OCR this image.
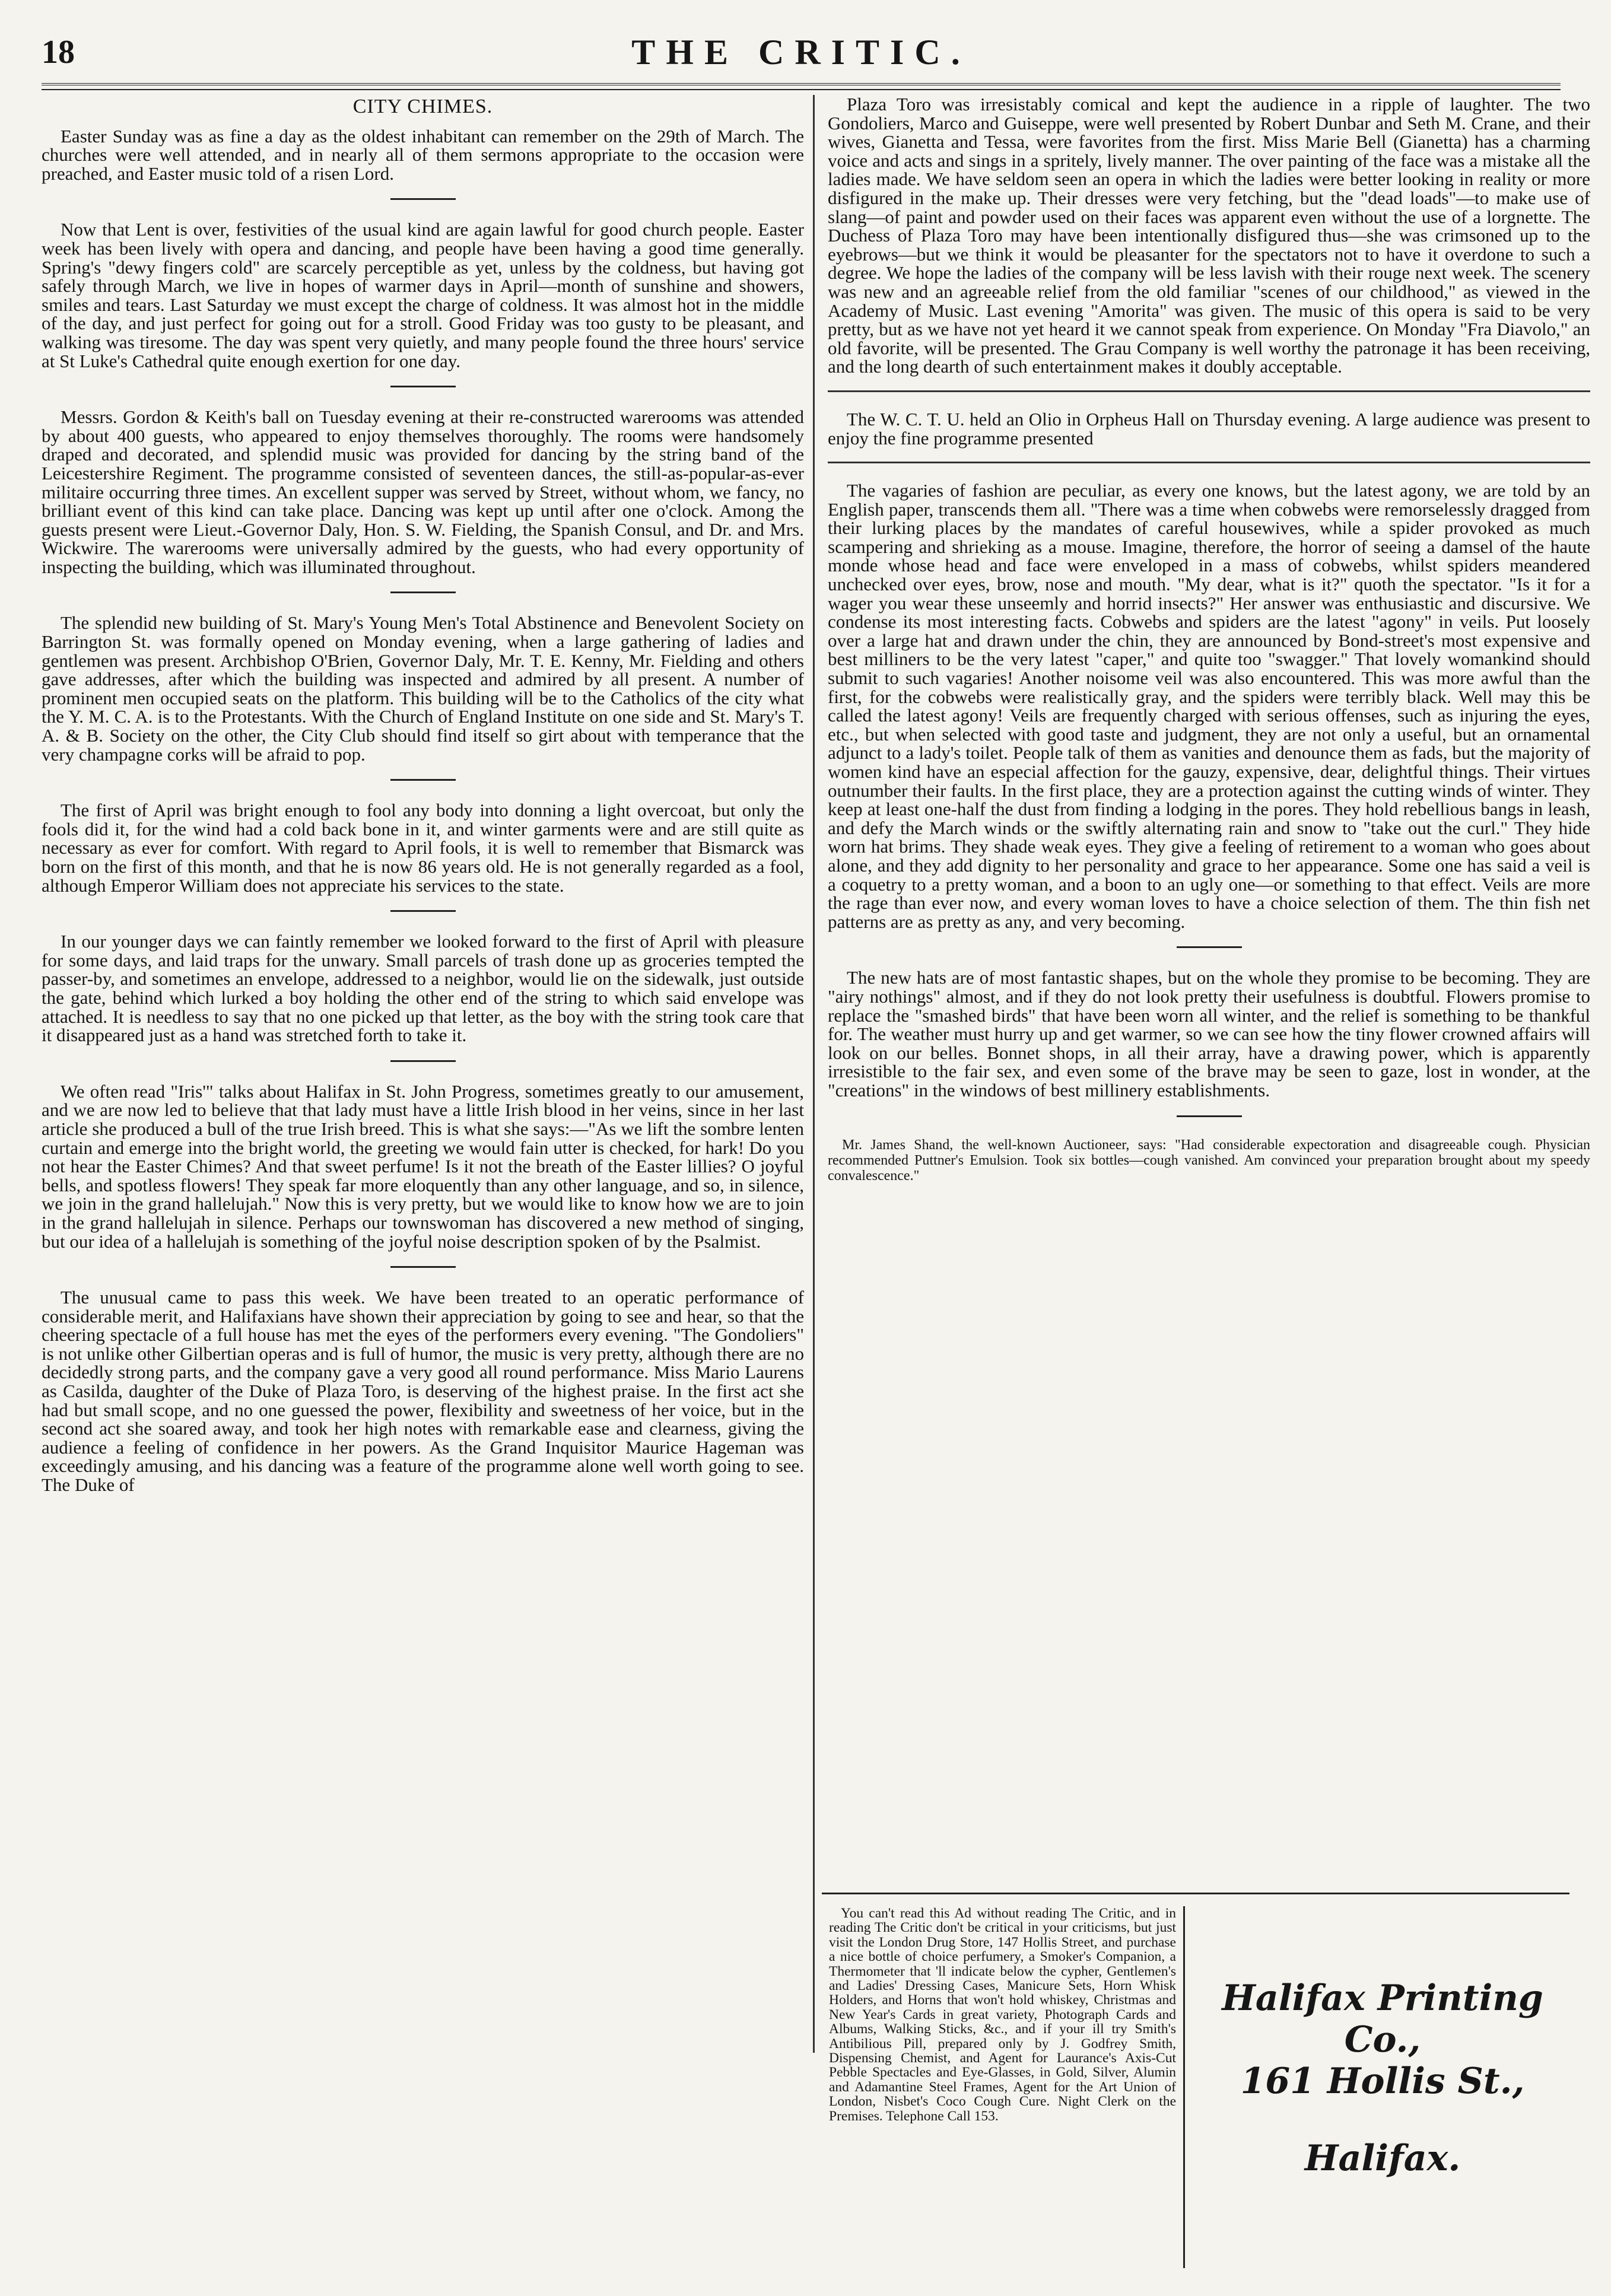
18	THE CRITIC.
CITY CHIMES.

Easter Sunday was as fine a day as the oldest inhabitant can remember on the 29th of March. The churches were well attended, and in nearly all of them sermons appropriate to the occasion were preached, and Easter music told of a risen Lord.

Now that Lent is over, festivities of the usual kind are again lawful for good church people. Easter week has been lively with opera and dancing, and people have been having a good time generally. Spring's "dewy fingers cold" are scarcely perceptible as yet, unless by the coldness, but having got safely through March, we live in hopes of warmer days in April—month of sunshine and showers, smiles and tears. Last Saturday we must except the charge of coldness. It was almost hot in the middle of the day, and just perfect for going out for a stroll. Good Friday was too gusty to be pleasant, and walking was tiresome. The day was spent very quietly, and many people found the three hours' service at St Luke's Cathedral quite enough exertion for one day.

Messrs. Gordon & Keith's ball on Tuesday evening at their re-constructed warerooms was attended by about 400 guests, who appeared to enjoy themselves thoroughly. The rooms were handsomely draped and decorated, and splendid music was provided for dancing by the string band of the Leicestershire Regiment. The programme consisted of seventeen dances, the still-as-popular-as-ever militaire occurring three times. An excellent supper was served by Street, without whom, we fancy, no brilliant event of this kind can take place. Dancing was kept up until after one o'clock. Among the guests present were Lieut.-Governor Daly, Hon. S. W. Fielding, the Spanish Consul, and Dr. and Mrs. Wickwire. The warerooms were universally admired by the guests, who had every opportunity of inspecting the building, which was illuminated throughout.

The splendid new building of St. Mary's Young Men's Total Abstinence and Benevolent Society on Barrington St. was formally opened on Monday evening, when a large gathering of ladies and gentlemen was present. Archbishop O'Brien, Governor Daly, Mr. T. E. Kenny, Mr. Fielding and others gave addresses, after which the building was inspected and admired by all present. A number of prominent men occupied seats on the platform. This building will be to the Catholics of the city what the Y. M. C. A. is to the Protestants. With the Church of England Institute on one side and St. Mary's T. A. & B. Society on the other, the City Club should find itself so girt about with temperance that the very champagne corks will be afraid to pop.

The first of April was bright enough to fool any body into donning a light overcoat, but only the fools did it, for the wind had a cold back bone in it, and winter garments were and are still quite as necessary as ever for comfort. With regard to April fools, it is well to remember that Bismarck was born on the first of this month, and that he is now 86 years old. He is not generally regarded as a fool, although Emperor William does not appreciate his services to the state.

In our younger days we can faintly remember we looked forward to the first of April with pleasure for some days, and laid traps for the unwary. Small parcels of trash done up as groceries tempted the passer-by, and sometimes an envelope, addressed to a neighbor, would lie on the sidewalk, just outside the gate, behind which lurked a boy holding the other end of the string to which said envelope was attached. It is needless to say that no one picked up that letter, as the boy with the string took care that it disappeared just as a hand was stretched forth to take it.

We often read "Iris'" talks about Halifax in St. John Progress, sometimes greatly to our amusement, and we are now led to believe that that lady must have a little Irish blood in her veins, since in her last article she produced a bull of the true Irish breed. This is what she says:—"As we lift the sombre lenten curtain and emerge into the bright world, the greeting we would fain utter is checked, for hark! Do you not hear the Easter Chimes? And that sweet perfume! Is it not the breath of the Easter lillies? O joyful bells, and spotless flowers! They speak far more eloquently than any other language, and so, in silence, we join in the grand hallelujah." Now this is very pretty, but we would like to know how we are to join in the grand hallelujah in silence. Perhaps our townswoman has discovered a new method of singing, but our idea of a hallelujah is something of the joyful noise description spoken of by the Psalmist.

The unusual came to pass this week. We have been treated to an operatic performance of considerable merit, and Halifaxians have shown their appreciation by going to see and hear, so that the cheering spectacle of a full house has met the eyes of the performers every evening. "The Gondoliers" is not unlike other Gilbertian operas and is full of humor, the music is very pretty, although there are no decidedly strong parts, and the company gave a very good all round performance. Miss Mario Laurens as Casilda, daughter of the Duke of Plaza Toro, is deserving of the highest praise. In the first act she had but small scope, and no one guessed the power, flexibility and sweetness of her voice, but in the second act she soared away, and took her high notes with remarkable ease and clearness, giving the audience a feeling of confidence in her powers. As the Grand Inquisitor Maurice Hageman was exceedingly amusing, and his dancing was a feature of the programme alone well worth going to see. The Duke of

Plaza Toro was irresistably comical and kept the audience in a ripple of laughter. The two Gondoliers, Marco and Guiseppe, were well presented by Robert Dunbar and Seth M. Crane, and their wives, Gianetta and Tessa, were favorites from the first. Miss Marie Bell (Gianetta) has a charming voice and acts and sings in a spritely, lively manner. The over painting of the face was a mistake all the ladies made. We have seldom seen an opera in which the ladies were better looking in reality or more disfigured in the make up. Their dresses were very fetching, but the "dead loads"—to make use of slang—of paint and powder used on their faces was apparent even without the use of a lorgnette. The Duchess of Plaza Toro may have been intentionally disfigured thus—she was crimsoned up to the eyebrows—but we think it would be pleasanter for the spectators not to have it overdone to such a degree. We hope the ladies of the company will be less lavish with their rouge next week. The scenery was new and an agreeable relief from the old familiar "scenes of our childhood," as viewed in the Academy of Music. Last evening "Amorita" was given. The music of this opera is said to be very pretty, but as we have not yet heard it we cannot speak from experience. On Monday "Fra Diavolo," an old favorite, will be presented. The Grau Company is well worthy the patronage it has been receiving, and the long dearth of such entertainment makes it doubly acceptable.

The W. C. T. U. held an Olio in Orpheus Hall on Thursday evening. A large audience was present to enjoy the fine programme presented

The vagaries of fashion are peculiar, as every one knows, but the latest agony, we are told by an English paper, transcends them all. "There was a time when cobwebs were remorselessly dragged from their lurking places by the mandates of careful housewives, while a spider provoked as much scampering and shrieking as a mouse. Imagine, therefore, the horror of seeing a damsel of the haute monde whose head and face were enveloped in a mass of cobwebs, whilst spiders meandered unchecked over eyes, brow, nose and mouth. "My dear, what is it?" quoth the spectator. "Is it for a wager you wear these unseemly and horrid insects?" Her answer was enthusiastic and discursive. We condense its most interesting facts. Cobwebs and spiders are the latest "agony" in veils. Put loosely over a large hat and drawn under the chin, they are announced by Bond-street's most expensive and best milliners to be the very latest "caper," and quite too "swagger." That lovely womankind should submit to such vagaries! Another noisome veil was also encountered. This was more awful than the first, for the cobwebs were realistically gray, and the spiders were terribly black. Well may this be called the latest agony! Veils are frequently charged with serious offenses, such as injuring the eyes, etc., but when selected with good taste and judgment, they are not only a useful, but an ornamental adjunct to a lady's toilet. People talk of them as vanities and denounce them as fads, but the majority of women kind have an especial affection for the gauzy, expensive, dear, delightful things. Their virtues outnumber their faults. In the first place, they are a protection against the cutting winds of winter. They keep at least one-half the dust from finding a lodging in the pores. They hold rebellious bangs in leash, and defy the March winds or the swiftly alternating rain and snow to "take out the curl." They hide worn hat brims. They shade weak eyes. They give a feeling of retirement to a woman who goes about alone, and they add dignity to her personality and grace to her appearance. Some one has said a veil is a coquetry to a pretty woman, and a boon to an ugly one—or something to that effect. Veils are more the rage than ever now, and every woman loves to have a choice selection of them. The thin fish net patterns are as pretty as any, and very becoming.

The new hats are of most fantastic shapes, but on the whole they promise to be becoming. They are "airy nothings" almost, and if they do not look pretty their usefulness is doubtful. Flowers promise to replace the "smashed birds" that have been worn all winter, and the relief is something to be thankful for. The weather must hurry up and get warmer, so we can see how the tiny flower crowned affairs will look on our belles. Bonnet shops, in all their array, have a drawing power, which is apparently irresistible to the fair sex, and even some of the brave may be seen to gaze, lost in wonder, at the "creations" in the windows of best millinery establishments.

Mr. James Shand, the well-known Auctioneer, says: "Had considerable expectoration and disagreeable cough. Physician recommended Puttner's Emulsion. Took six bottles—cough vanished. Am convinced your preparation brought about my speedy convalescence."

You can't read this Ad without reading The Critic, and in reading The Critic don't be critical in your criticisms, but just visit the London Drug Store, 147 Hollis Street, and purchase a nice bottle of choice perfumery, a Smoker's Companion, a Thermometer that 'll indicate below the cypher, Gentlemen's and Ladies' Dressing Cases, Manicure Sets, Horn Whisk Holders, and Horns that won't hold whiskey, Christmas and New Year's Cards in great variety, Photograph Cards and Albums, Walking Sticks, &c., and if your ill try Smith's Antibilious Pill, prepared only by J. Godfrey Smith, Dispensing Chemist, and Agent for Laurance's Axis-Cut Pebble Spectacles and Eye-Glasses, in Gold, Silver, Alumin and Adamantine Steel Frames, Agent for the Art Union of London, Nisbet's Coco Cough Cure. Night Clerk on the Premises. Telephone Call 153.

Halifax Printing Co.,
161 Hollis St.,
Halifax.
